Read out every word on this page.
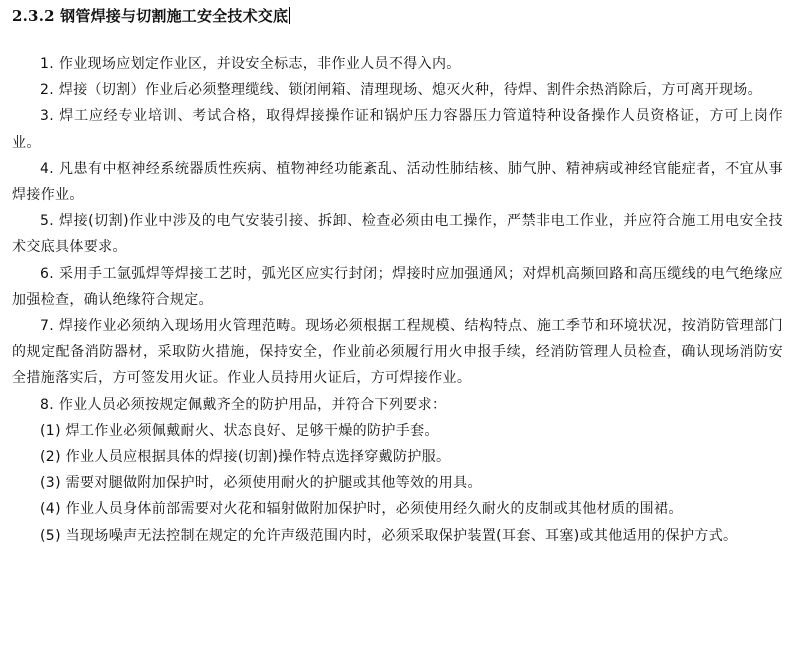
2.3.2 钢管焊接与切割施工安全技术交底

1. 作业现场应划定作业区，并设安全标志，非作业人员不得入内。

2. 焊接（切割）作业后必须整理缆线、锁闭闸箱、清理现场、熄灭火种，待焊、割件余热消除后，方可离开现场。

3. 焊工应经专业培训、考试合格，取得焊接操作证和锅炉压力容器压力管道特种设备操作人员资格证，方可上岗作业。

4. 凡患有中枢神经系统器质性疾病、植物神经功能紊乱、活动性肺结核、肺气肿、精神病或神经官能症者，不宜从事焊接作业。

5. 焊接(切割)作业中涉及的电气安装引接、拆卸、检查必须由电工操作，严禁非电工作业，并应符合施工用电安全技术交底具体要求。

6. 采用手工氩弧焊等焊接工艺时，弧光区应实行封闭；焊接时应加强通风；对焊机高频回路和高压缆线的电气绝缘应加强检查，确认绝缘符合规定。

7. 焊接作业必须纳入现场用火管理范畴。现场必须根据工程规模、结构特点、施工季节和环境状况，按消防管理部门的规定配备消防器材，采取防火措施，保持安全，作业前必须履行用火申报手续，经消防管理人员检查，确认现场消防安全措施落实后，方可签发用火证。作业人员持用火证后，方可焊接作业。

8. 作业人员必须按规定佩戴齐全的防护用品，并符合下列要求：

(1) 焊工作业必须佩戴耐火、状态良好、足够干燥的防护手套。

(2) 作业人员应根据具体的焊接(切割)操作特点选择穿戴防护服。

(3) 需要对腿做附加保护时，必须使用耐火的护腿或其他等效的用具。

(4) 作业人员身体前部需要对火花和辐射做附加保护时，必须使用经久耐火的皮制或其他材质的围裙。

(5) 当现场噪声无法控制在规定的允许声级范围内时，必须采取保护装置(耳套、耳塞)或其他适用的保护方式。
